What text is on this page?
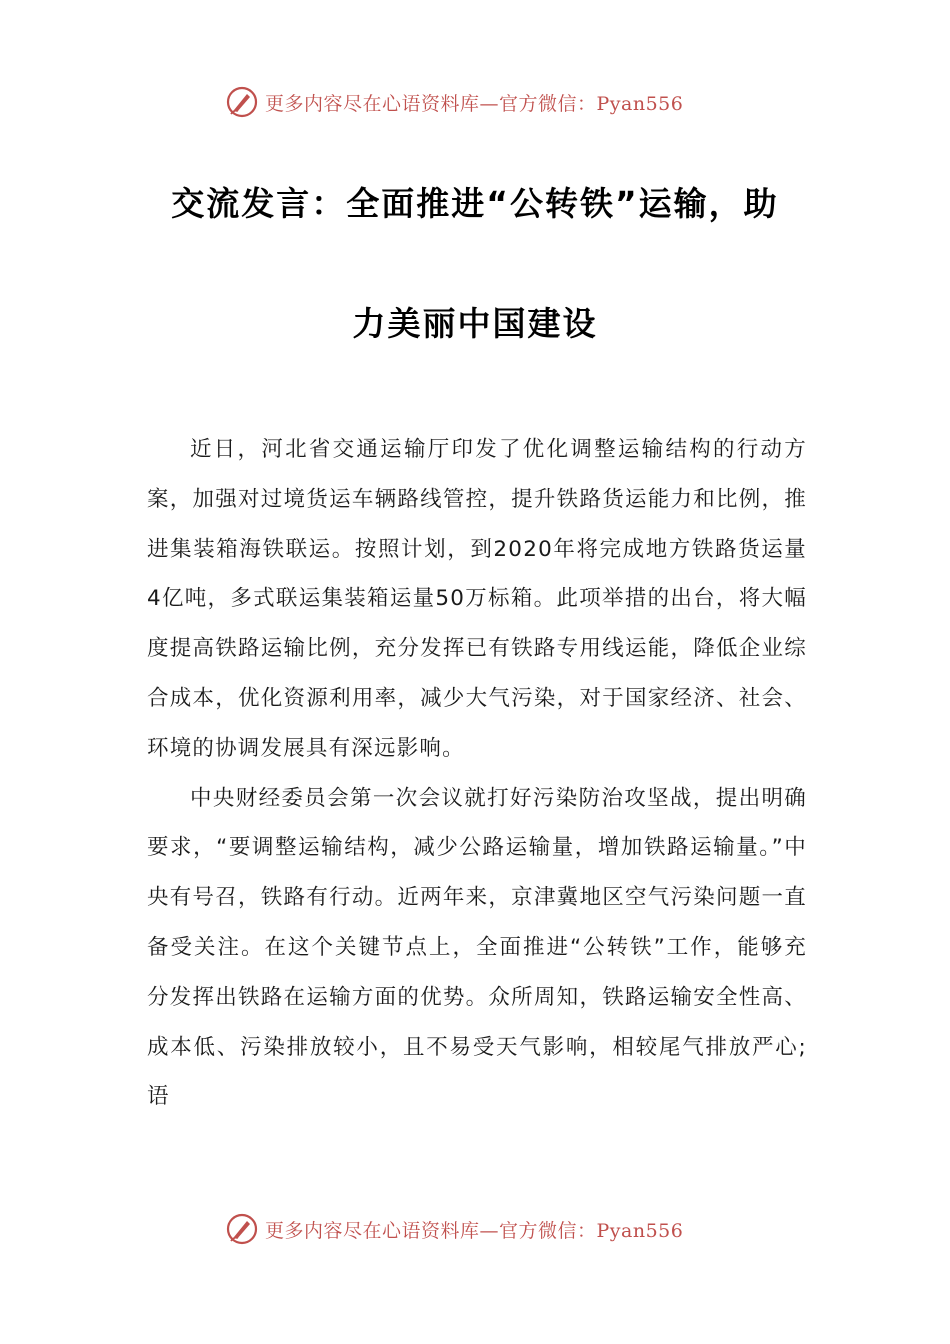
更多内容尽在心语资料库—官方微信：Pyan556
交流发言：全面推进“公转铁”运输，助
力美丽中国建设

近日，河北省交通运输厅印发了优化调整运输结构的行动方案，加强对过境货运车辆路线管控，提升铁路货运能力和比例，推进集装箱海铁联运。按照计划，到2020年将完成地方铁路货运量4亿吨，多式联运集装箱运量50万标箱。此项举措的出台，将大幅度提高铁路运输比例，充分发挥已有铁路专用线运能，降低企业综合成本，优化资源利用率，减少大气污染，对于国家经济、社会、环境的协调发展具有深远影响。

中央财经委员会第一次会议就打好污染防治攻坚战，提出明确要求，“要调整运输结构，减少公路运输量，增加铁路运输量。”中央有号召，铁路有行动。近两年来，京津冀地区空气污染问题一直备受关注。在这个关键节点上，全面推进“公转铁”工作，能够充分发挥出铁路在运输方面的优势。众所周知，铁路运输安全性高、成本低、污染排放较小，且不易受天气影响，相较尾气排放严心;语

更多内容尽在心语资料库—官方微信：Pyan556
